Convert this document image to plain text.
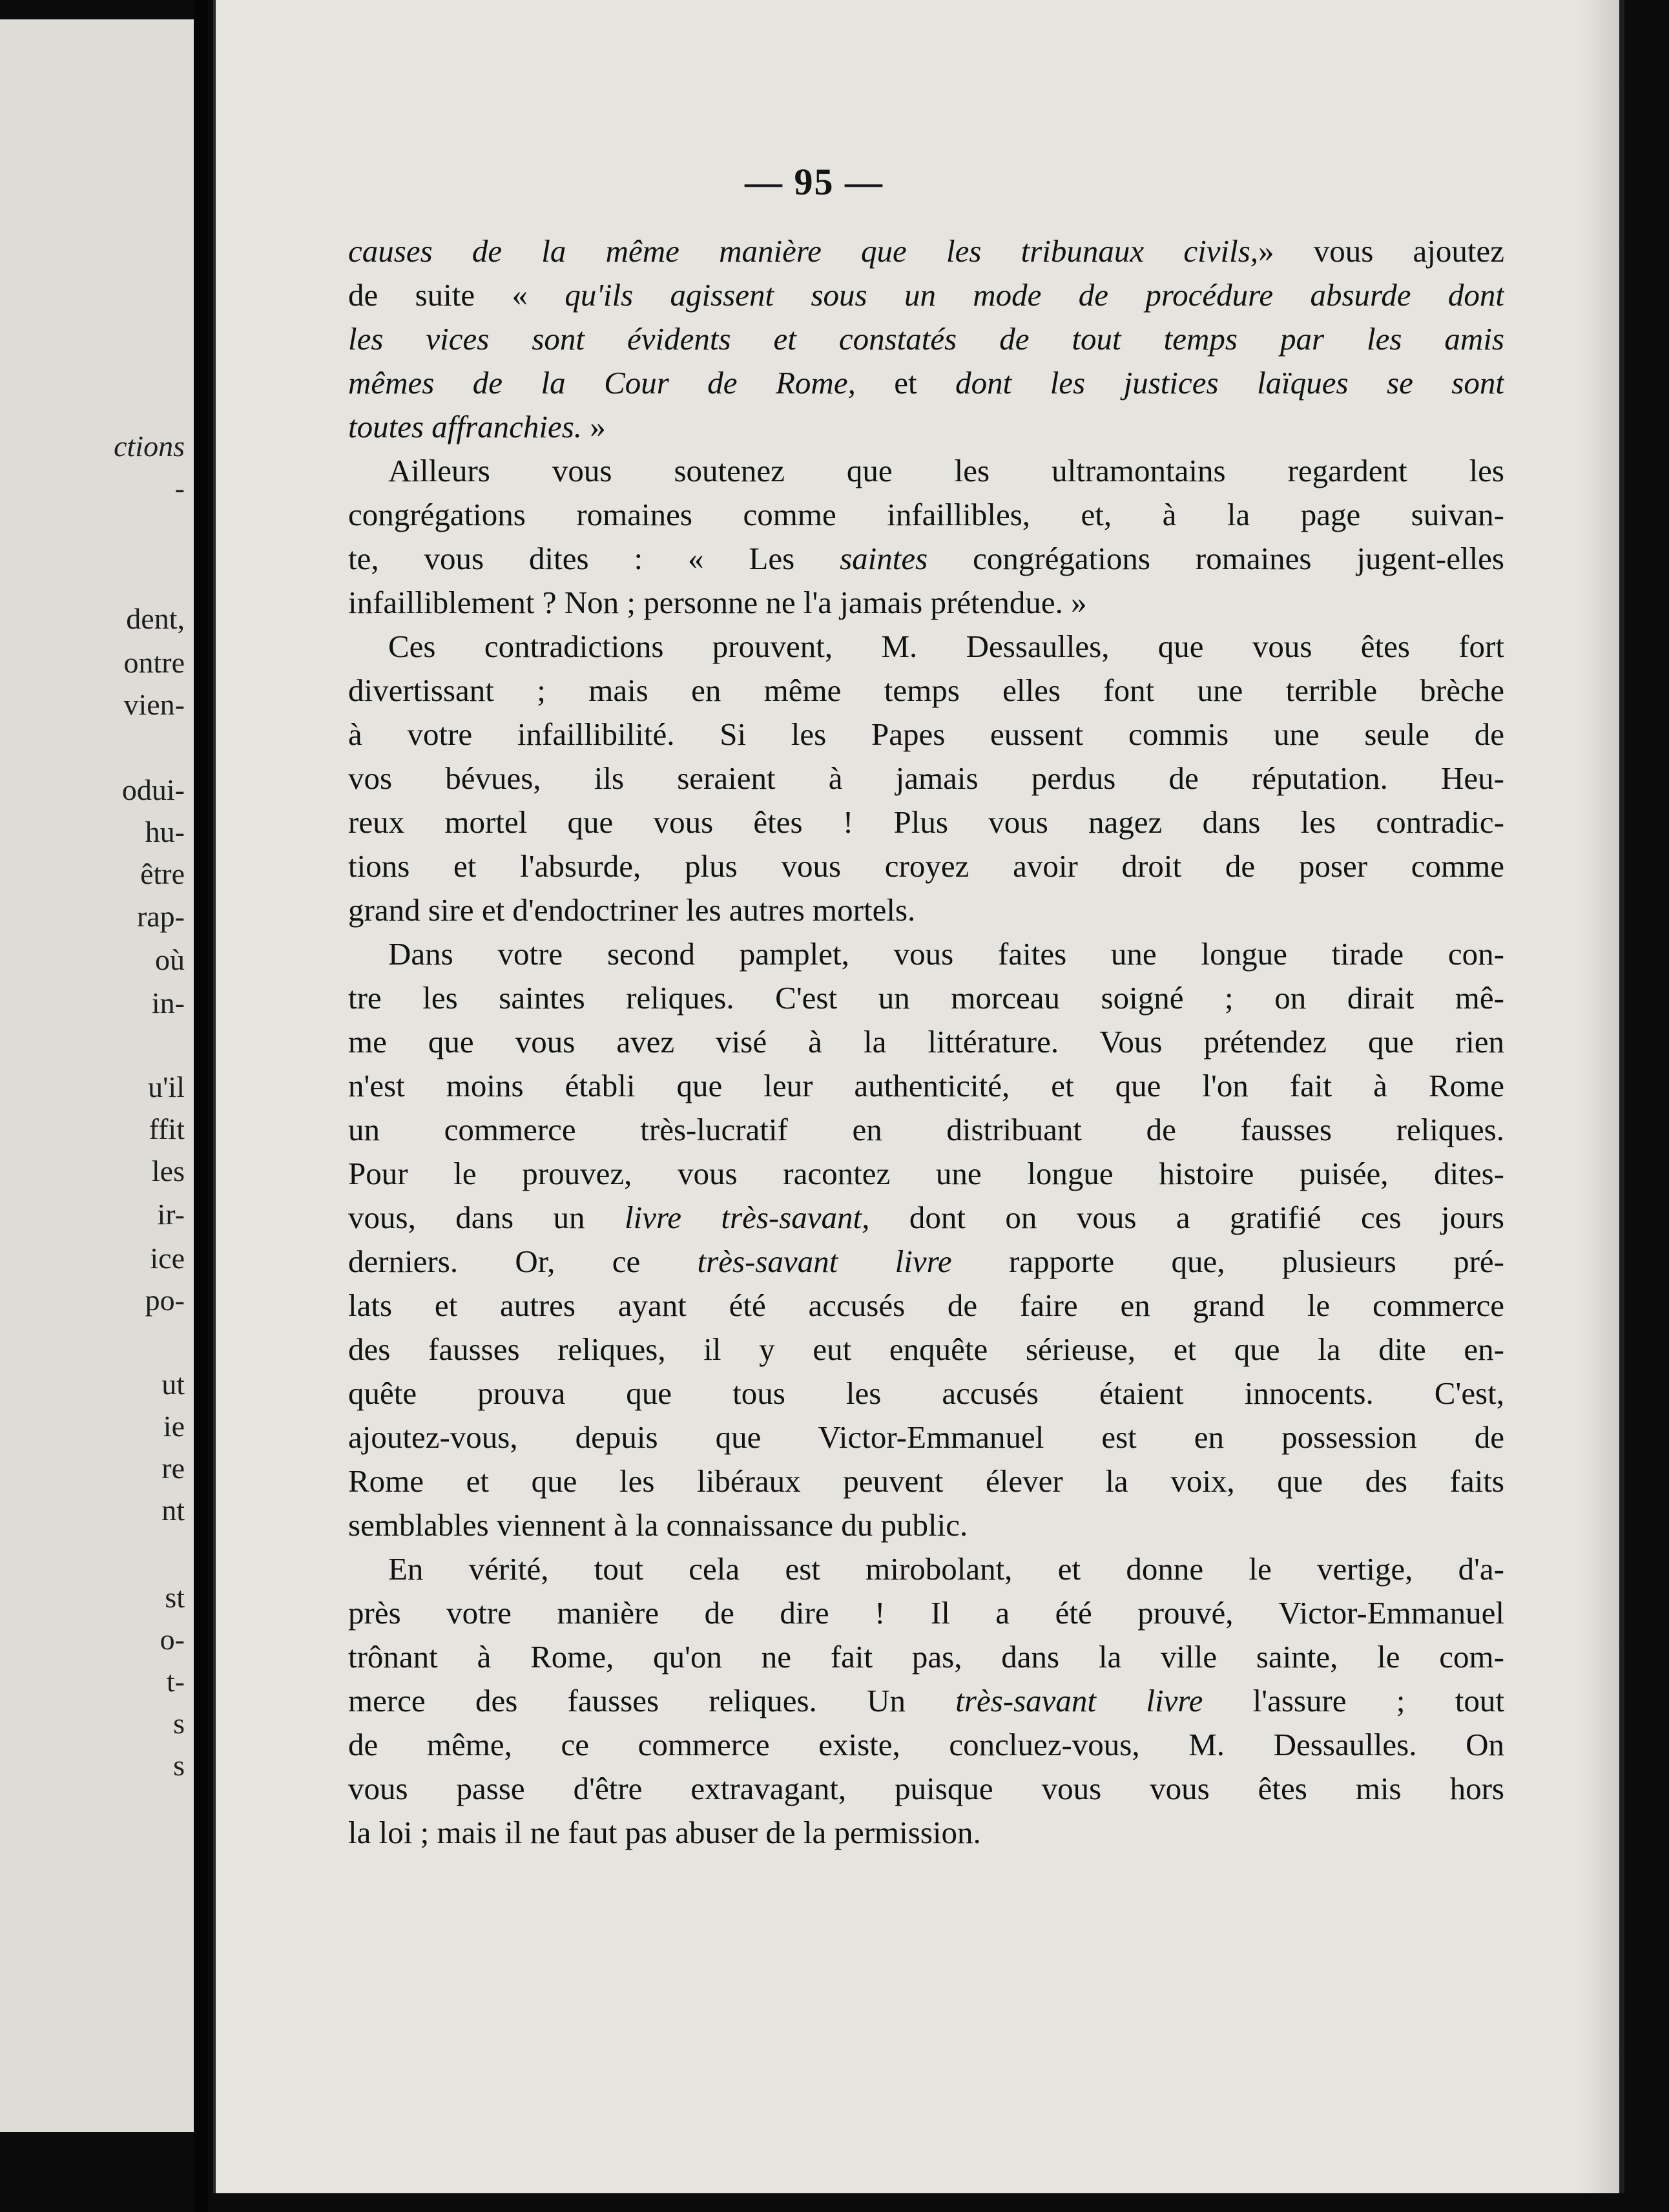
ctions
-
dent,
ontre
vien-
odui-
hu-
être
rap-
où
in-
u'il
ffit
les
ir-
ice
po-
ut
ie
re
nt
st
o-
t-
s
s
— 95 —
causes de la même manière que les tribunaux civils,» vous ajoutez
de suite « qu'ils agissent sous un mode de procédure absurde dont
les vices sont évidents et constatés de tout temps par les amis
mêmes de la Cour de Rome, et dont les justices laïques se sont
toutes affranchies. »
Ailleurs vous soutenez que les ultramontains regardent les
congrégations romaines comme infaillibles, et, à la page suivan-
te, vous dites : « Les saintes congrégations romaines jugent-elles
infailliblement ? Non ; personne ne l'a jamais prétendue. »
Ces contradictions prouvent, M. Dessaulles, que vous êtes fort
divertissant ; mais en même temps elles font une terrible brèche
à votre infaillibilité. Si les Papes eussent commis une seule de
vos bévues, ils seraient à jamais perdus de réputation. Heu-
reux mortel que vous êtes ! Plus vous nagez dans les contradic-
tions et l'absurde, plus vous croyez avoir droit de poser comme
grand sire et d'endoctriner les autres mortels.
Dans votre second pamplet, vous faites une longue tirade con-
tre les saintes reliques. C'est un morceau soigné ; on dirait mê-
me que vous avez visé à la littérature. Vous prétendez que rien
n'est moins établi que leur authenticité, et que l'on fait à Rome
un commerce très-lucratif en distribuant de fausses reliques.
Pour le prouvez, vous racontez une longue histoire puisée, dites-
vous, dans un livre très-savant, dont on vous a gratifié ces jours
derniers. Or, ce très-savant livre rapporte que, plusieurs pré-
lats et autres ayant été accusés de faire en grand le commerce
des fausses reliques, il y eut enquête sérieuse, et que la dite en-
quête prouva que tous les accusés étaient innocents. C'est,
ajoutez-vous, depuis que Victor-Emmanuel est en possession de
Rome et que les libéraux peuvent élever la voix, que des faits
semblables viennent à la connaissance du public.
En vérité, tout cela est mirobolant, et donne le vertige, d'a-
près votre manière de dire ! Il a été prouvé, Victor-Emmanuel
trônant à Rome, qu'on ne fait pas, dans la ville sainte, le com-
merce des fausses reliques. Un très-savant livre l'assure ; tout
de même, ce commerce existe, concluez-vous, M. Dessaulles. On
vous passe d'être extravagant, puisque vous vous êtes mis hors
la loi ; mais il ne faut pas abuser de la permission.
